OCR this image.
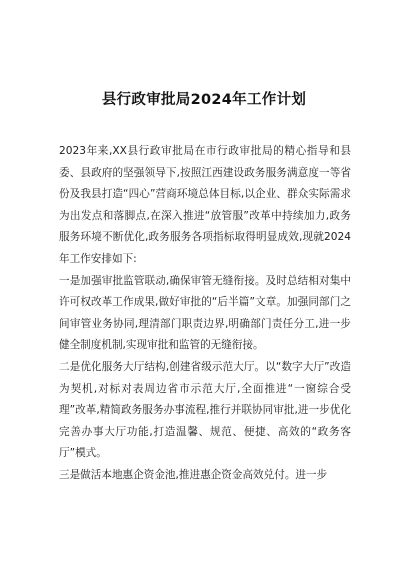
县行政审批局2024年工作计划

2023年来,XX县行政审批局在市行政审批局的精心指导和县委、县政府的坚强领导下,按照江西建设政务服务满意度一等省份及我县打造“四心”营商环境总体目标,以企业、群众实际需求为出发点和落脚点,在深入推进“放管服”改革中持续加力,政务服务环境不断优化,政务服务各项指标取得明显成效,现就2024年工作安排如下:

一是加强审批监管联动,确保审管无缝衔接。及时总结相对集中许可权改革工作成果,做好审批的“后半篇”文章。加强同部门之间审管业务协同,理清部门职责边界,明确部门责任分工,进一步健全制度机制,实现审批和监管的无缝衔接。

二是优化服务大厅结构,创建省级示范大厅。以“数字大厅”改造为契机,对标对表周边省市示范大厅,全面推进“一窗综合受理”改革,精简政务服务办事流程,推行并联协同审批,进一步优化完善办事大厅功能,打造温馨、规范、便捷、高效的“政务客厅”模式。

三是做活本地惠企资金池,推进惠企资金高效兑付。进一步
